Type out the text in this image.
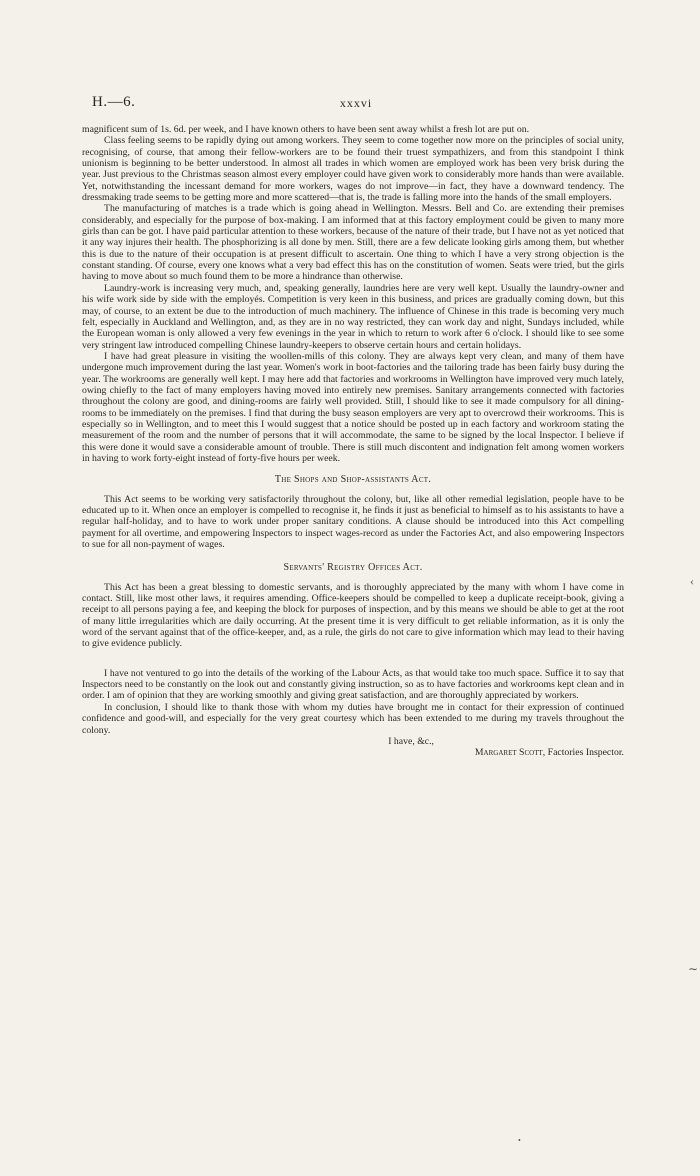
H.—6.	xxxvi

magnificent sum of 1s. 6d. per week, and I have known others to have been sent away whilst a fresh lot are put on.

Class feeling seems to be rapidly dying out among workers. They seem to come together now more on the principles of social unity, recognising, of course, that among their fellow-workers are to be found their truest sympathizers, and from this standpoint I think unionism is beginning to be better understood. In almost all trades in which women are employed work has been very brisk during the year. Just previous to the Christmas season almost every employer could have given work to considerably more hands than were available. Yet, notwithstanding the incessant demand for more workers, wages do not improve—in fact, they have a downward tendency. The dressmaking trade seems to be getting more and more scattered—that is, the trade is falling more into the hands of the small employers.

The manufacturing of matches is a trade which is going ahead in Wellington. Messrs. Bell and Co. are extending their premises considerably, and especially for the purpose of box-making. I am informed that at this factory employment could be given to many more girls than can be got. I have paid particular attention to these workers, because of the nature of their trade, but I have not as yet noticed that it any way injures their health. The phosphorizing is all done by men. Still, there are a few delicate looking girls among them, but whether this is due to the nature of their occupation is at present difficult to ascertain. One thing to which I have a very strong objection is the constant standing. Of course, every one knows what a very bad effect this has on the constitution of women. Seats were tried, but the girls having to move about so much found them to be more a hindrance than otherwise.

Laundry-work is increasing very much, and, speaking generally, laundries here are very well kept. Usually the laundry-owner and his wife work side by side with the employés. Competition is very keen in this business, and prices are gradually coming down, but this may, of course, to an extent be due to the introduction of much machinery. The influence of Chinese in this trade is becoming very much felt, especially in Auckland and Wellington, and, as they are in no way restricted, they can work day and night, Sundays included, while the European woman is only allowed a very few evenings in the year in which to return to work after 6 o'clock. I should like to see some very stringent law introduced compelling Chinese laundry-keepers to observe certain hours and certain holidays.

I have had great pleasure in visiting the woollen-mills of this colony. They are always kept very clean, and many of them have undergone much improvement during the last year. Women's work in boot-factories and the tailoring trade has been fairly busy during the year. The workrooms are generally well kept. I may here add that factories and workrooms in Wellington have improved very much lately, owing chiefly to the fact of many employers having moved into entirely new premises. Sanitary arrangements connected with factories throughout the colony are good, and dining-rooms are fairly well provided. Still, I should like to see it made compulsory for all dining-rooms to be immediately on the premises. I find that during the busy season employers are very apt to overcrowd their workrooms. This is especially so in Wellington, and to meet this I would suggest that a notice should be posted up in each factory and workroom stating the measurement of the room and the number of persons that it will accommodate, the same to be signed by the local Inspector. I believe if this were done it would save a considerable amount of trouble. There is still much discontent and indignation felt among women workers in having to work forty-eight instead of forty-five hours per week.

The Shops and Shop-assistants Act.

This Act seems to be working very satisfactorily throughout the colony, but, like all other remedial legislation, people have to be educated up to it. When once an employer is compelled to recognise it, he finds it just as beneficial to himself as to his assistants to have a regular half-holiday, and to have to work under proper sanitary conditions. A clause should be introduced into this Act compelling payment for all overtime, and empowering Inspectors to inspect wages-record as under the Factories Act, and also empowering Inspectors to sue for all non-payment of wages.

Servants' Registry Offices Act.

This Act has been a great blessing to domestic servants, and is thoroughly appreciated by the many with whom I have come in contact. Still, like most other laws, it requires amending. Office-keepers should be compelled to keep a duplicate receipt-book, giving a receipt to all persons paying a fee, and keeping the block for purposes of inspection, and by this means we should be able to get at the root of many little irregularities which are daily occurring. At the present time it is very difficult to get reliable information, as it is only the word of the servant against that of the office-keeper, and, as a rule, the girls do not care to give information which may lead to their having to give evidence publicly.

I have not ventured to go into the details of the working of the Labour Acts, as that would take too much space. Suffice it to say that Inspectors need to be constantly on the look out and constantly giving instruction, so as to have factories and workrooms kept clean and in order. I am of opinion that they are working smoothly and giving great satisfaction, and are thoroughly appreciated by workers.

In conclusion, I should like to thank those with whom my duties have brought me in contact for their expression of continued confidence and good-will, and especially for the very great courtesy which has been extended to me during my travels throughout the colony.

I have, &c.,
Margaret Scott, Factories Inspector.
‹
∼
•
